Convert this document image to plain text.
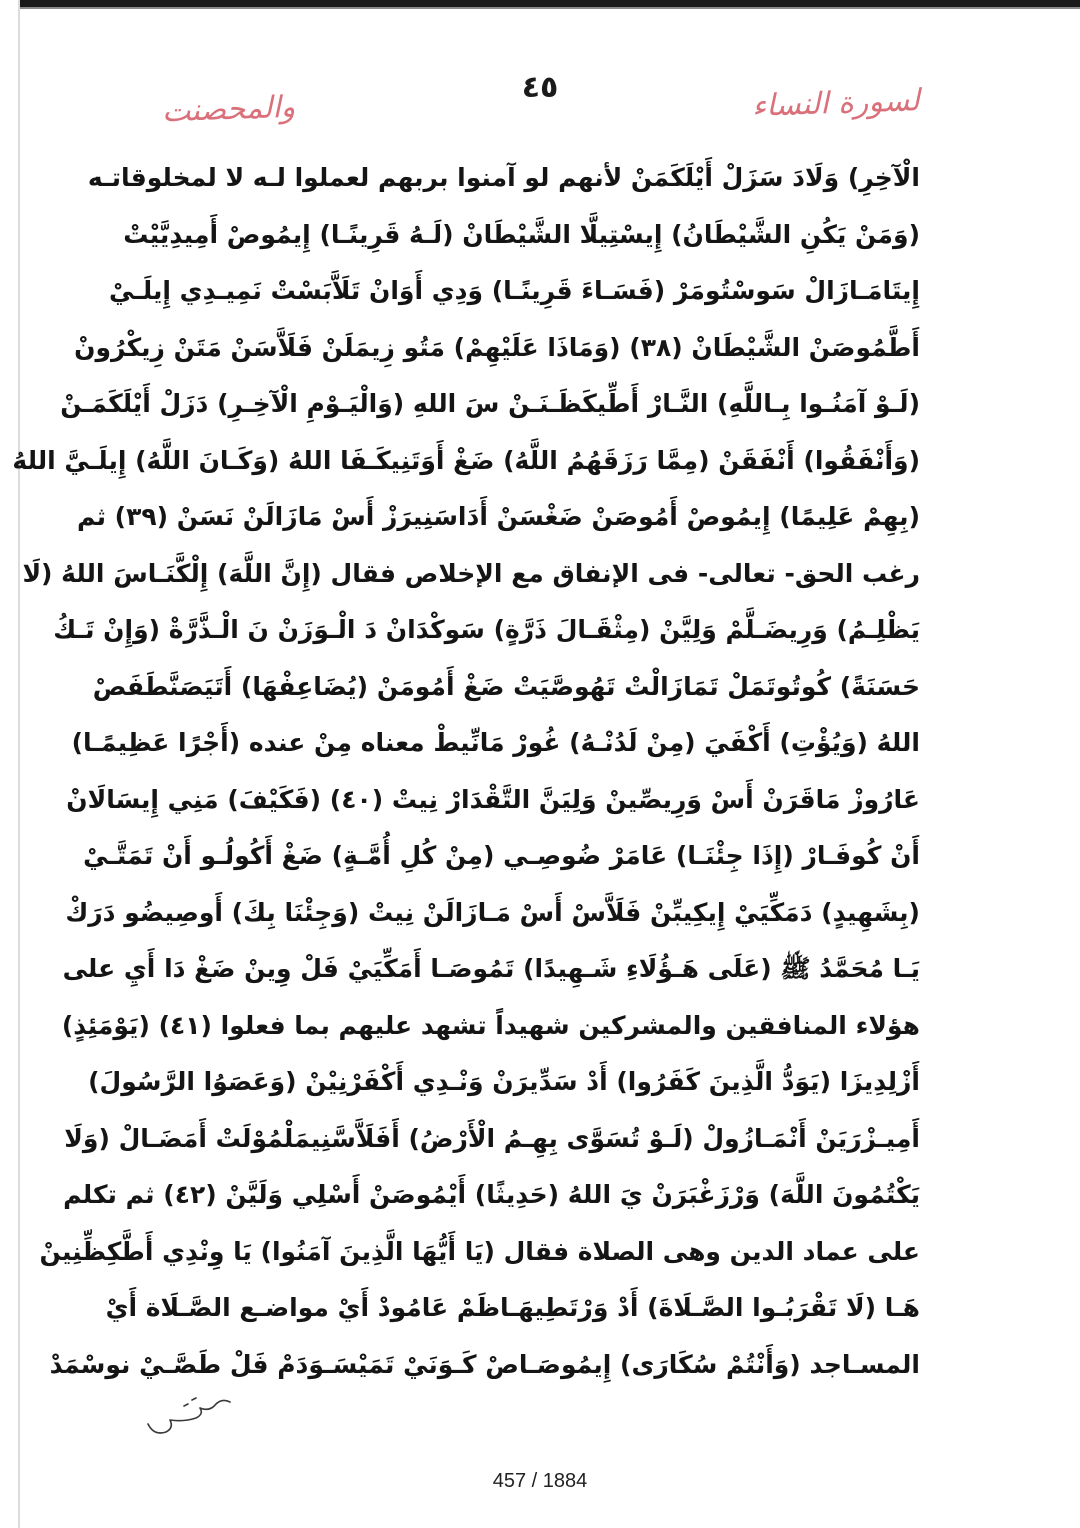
٤٥	لسورة النساء
والمحصنت
الْآخِرِ) وَلَادَ سَزَلْ أَيْلَكَمَنْ لأنهم لو آمنوا بربهم لعملوا لـه لا لمخلوقاتـه
(وَمَنْ يَكُنِ الشَّيْطَانُ) إِيسْتِيلَّا الشَّيْطَانْ (لَـهُ قَرِينًـا) إِيمُوصْ أَمِيدِيَّيْتْ
إِيتَامَـازَالْ سَوسْتُومَرْ (فَسَـاءَ قَرِينًـا) وَدِي أَوَانْ تَلَاَّبَسْتْ نَمِيـدِي إِيلَـيْ
أَطَّمُوصَنْ الشَّيْطَانْ (٣٨) (وَمَاذَا عَلَيْهِمْ) مَتُو زِيمَلَنْ فَلَاَّسَنْ مَتَنْ زِيكْرُونْ
(لَـوْ آمَنُـوا بِـاللَّهِ) النَّـارْ أَطِّيكَظَـنَـنْ سَ اللهِ (وَالْيَـوْمِ الْآخِـرِ) دَزَلْ أَيْلَكَمَـنْ
(وَأَنْفَقُوا) أَنْفَقَنْ (مِمَّا رَزَقَهُمُ اللَّهُ) ضَغْ أَوَتَنِيكَـفَا اللهُ (وَكَـانَ اللَّهُ) إِيلَـيَّ اللهُ
(بِهِمْ عَلِيمًا) إِيمُوصْ أَمُوصَنْ ضَغْسَنْ أَدَاسَنِيرَزْ أَسْ مَازَالَنْ نَسَنْ (٣٩) ثم
رغب الحق- تعالى- فى الإنفاق مع الإخلاص فقال (إِنَّ اللَّهَ) إِلْكَّنَـاسَ اللهُ (لَا
يَظْلِـمُ) وَرِيضَـلَّمْ وَلِيَّنْ (مِثْقَـالَ ذَرَّةٍ) سَوكْدَانْ دَ الْـوَزَنْ نَ الْـذَّرَّةْ (وَإِنْ تَـكُ
حَسَنَةً) كُوتُوتَمَلْ تَمَازَالْتْ تَهُوصَّيَتْ ضَغْ أَمُومَنْ (يُضَاعِفْهَا) أَتَيَصَنَّطَفَصْ
اللهُ (وَيُؤْتِ) أَكْفَيَ (مِنْ لَدُنْـهُ) غُورْ مَانِّيطْ معناه مِنْ عنده (أَجْرًا عَظِيمًـا)
عَارُوزْ مَاقَرَنْ أَسْ وَرِيصِّينْ وَلِيَنَّ التَّقْدَارْ نِيتْ (٤٠) (فَكَيْفَ) مَنِي إِيسَالَانْ
أَنْ كُوفَـارْ (إِذَا جِئْنَـا) عَامَرْ ضُوصِـي (مِنْ كُلِ أُمَّـةٍ) ضَغْ أَكُولُـو أَنْ تَمَتَّـيْ
(بِشَهِيدٍ) دَمَكِّيَيْ إِيكِيبِّنْ فَلَاَّسْ أَسْ مَـازَالَنْ نِيتْ (وَجِئْنَا بِكَ) أَوصِيضُو دَرَكْ
يَـا مُحَمَّدُ ﷺ (عَلَى هَـؤُلَاءِ شَـهِيدًا) تَمُوصَـا أَمَكِّيَيْ فَلْ وِينْ ضَغْ دَا أَيِ على
هؤلاء المنافقين والمشركين شهيداً تشهد عليهم بما فعلوا (٤١) (يَوْمَئِذٍ)
أَزْلِدِيزَا (يَوَدُّ الَّذِينَ كَفَرُوا) أَدْ سَدِّيرَنْ وَنْـدِي أَكْفَرْنِيْنْ (وَعَصَوُا الرَّسُولَ)
أَمِيـزْرَيَنْ أَنْمَـازُولْ (لَـوْ تُسَوَّى بِهِـمُ الْأَرْضُ) أَفَلَاَّسَّنِيمَلْمُوْلَتْ أَمَضَـالْ (وَلَا
يَكْتُمُونَ اللَّهَ) وَرْزَغْبَرَنْ يَ اللهُ (حَدِيثًا) أَيْمُوصَنْ أَسْلِي وَلَيَّنْ (٤٢) ثم تكلم
على عماد الدين وهى الصلاة فقال (يَا أَيُّهَا الَّذِينَ آمَنُوا) يَا وِنْدِي أَطَّكِظِّنِينْ
هَـا (لَا تَقْرَبُـوا الصَّـلَاةَ) أَدْ وَرْتَطِيهَـاظَمْ عَامُودْ أَيْ مواضـع الصَّـلَاة أَيْ
المسـاجد (وَأَنْتُمْ سُكَارَى) إِيمُوصَـاصْ كَـوَنَيْ تَمَيْسَـوَدَمْ فَلْ طَصَّـيْ نوسْمَدْ
457 / 1884
